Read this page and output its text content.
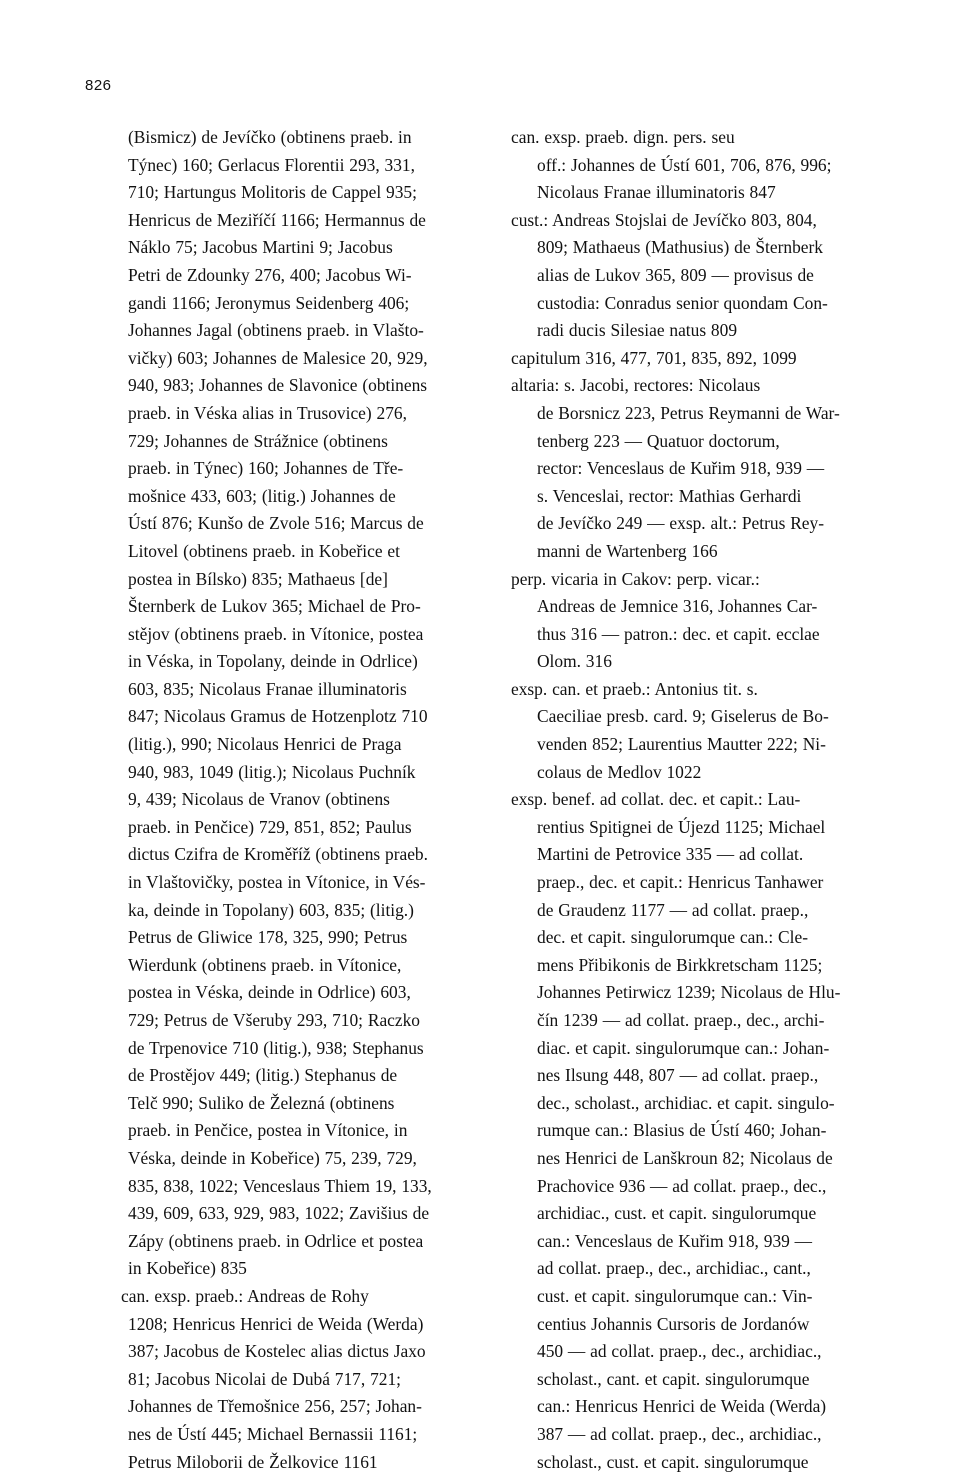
826
(Bismicz) de Jevíčko (obtinens praeb. in
Týnec) 160; Gerlacus Florentii 293, 331,
710; Hartungus Molitoris de Cappel 935;
Henricus de Meziříčí 1166; Hermannus de
Náklo 75; Jacobus Martini 9; Jacobus
Petri de Zdounky 276, 400; Jacobus Wi-
gandi 1166; Jeronymus Seidenberg 406;
Johannes Jagal (obtinens praeb. in Vlašto-
vičky) 603; Johannes de Malesice 20, 929,
940, 983; Johannes de Slavonice (obtinens
praeb. in Véska alias in Trusovice) 276,
729; Johannes de Strážnice (obtinens
praeb. in Týnec) 160; Johannes de Tře-
mošnice 433, 603; (litig.) Johannes de
Ústí 876; Kunšo de Zvole 516; Marcus de
Litovel (obtinens praeb. in Kobeřice et
postea in Bílsko) 835; Mathaeus [de]
Šternberk de Lukov 365; Michael de Pro-
stějov (obtinens praeb. in Vítonice, postea
in Véska, in Topolany, deinde in Odrlice)
603, 835; Nicolaus Franae illuminatoris
847; Nicolaus Gramus de Hotzenplotz 710
(litig.), 990; Nicolaus Henrici de Praga
940, 983, 1049 (litig.); Nicolaus Puchník
9, 439; Nicolaus de Vranov (obtinens
praeb. in Penčice) 729, 851, 852; Paulus
dictus Czifra de Kroměříž (obtinens praeb.
in Vlaštovičky, postea in Vítonice, in Vés-
ka, deinde in Topolany) 603, 835; (litig.)
Petrus de Gliwice 178, 325, 990; Petrus
Wierdunk (obtinens praeb. in Vítonice,
postea in Véska, deinde in Odrlice) 603,
729; Petrus de Všeruby 293, 710; Raczko
de Trpenovice 710 (litig.), 938; Stephanus
de Prostějov 449; (litig.) Stephanus de
Telč 990; Suliko de Železná (obtinens
praeb. in Penčice, postea in Vítonice, in
Véska, deinde in Kobeřice) 75, 239, 729,
835, 838, 1022; Venceslaus Thiem 19, 133,
439, 609, 633, 929, 983, 1022; Zavišius de
Zápy (obtinens praeb. in Odrlice et postea
in Kobeřice) 835
can. exsp. praeb.: Andreas de Rohy
1208; Henricus Henrici de Weida (Werda)
387; Jacobus de Kostelec alias dictus Jaxo
81; Jacobus Nicolai de Dubá 717, 721;
Johannes de Třemošnice 256, 257; Johan-
nes de Ústí 445; Michael Bernassii 1161;
Petrus Miloborii de Želkovice 1161
can. exsp. praeb. dign. pers. seu
off.: Johannes de Ústí 601, 706, 876, 996;
Nicolaus Franae illuminatoris 847
cust.: Andreas Stojslai de Jevíčko 803, 804,
809; Mathaeus (Mathusius) de Šternberk
alias de Lukov 365, 809 — provisus de
custodia: Conradus senior quondam Con-
radi ducis Silesiae natus 809
capitulum 316, 477, 701, 835, 892, 1099
altaria: s. Jacobi, rectores: Nicolaus
de Borsnicz 223, Petrus Reymanni de War-
tenberg 223 — Quatuor doctorum,
rector: Venceslaus de Kuřim 918, 939 —
s. Venceslai, rector: Mathias Gerhardi
de Jevíčko 249 — exsp. alt.: Petrus Rey-
manni de Wartenberg 166
perp. vicaria in Cakov: perp. vicar.:
Andreas de Jemnice 316, Johannes Car-
thus 316 — patron.: dec. et capit. ecclae
Olom. 316
exsp. can. et praeb.: Antonius tit. s.
Caeciliae presb. card. 9; Giselerus de Bo-
venden 852; Laurentius Mautter 222; Ni-
colaus de Medlov 1022
exsp. benef. ad collat. dec. et capit.: Lau-
rentius Spitignei de Újezd 1125; Michael
Martini de Petrovice 335 — ad collat.
praep., dec. et capit.: Henricus Tanhawer
de Graudenz 1177 — ad collat. praep.,
dec. et capit. singulorumque can.: Cle-
mens Přibikonis de Birkkretscham 1125;
Johannes Petirwicz 1239; Nicolaus de Hlu-
čín 1239 — ad collat. praep., dec., archi-
diac. et capit. singulorumque can.: Johan-
nes Ilsung 448, 807 — ad collat. praep.,
dec., scholast., archidiac. et capit. singulo-
rumque can.: Blasius de Ústí 460; Johan-
nes Henrici de Lanškroun 82; Nicolaus de
Prachovice 936 — ad collat. praep., dec.,
archidiac., cust. et capit. singulorumque
can.: Venceslaus de Kuřim 918, 939 —
ad collat. praep., dec., archidiac., cant.,
cust. et capit. singulorumque can.: Vin-
centius Johannis Cursoris de Jordanów
450 — ad collat. praep., dec., archidiac.,
scholast., cant. et capit. singulorumque
can.: Henricus Henrici de Weida (Werda)
387 — ad collat. praep., dec., archidiac.,
scholast., cust. et capit. singulorumque
